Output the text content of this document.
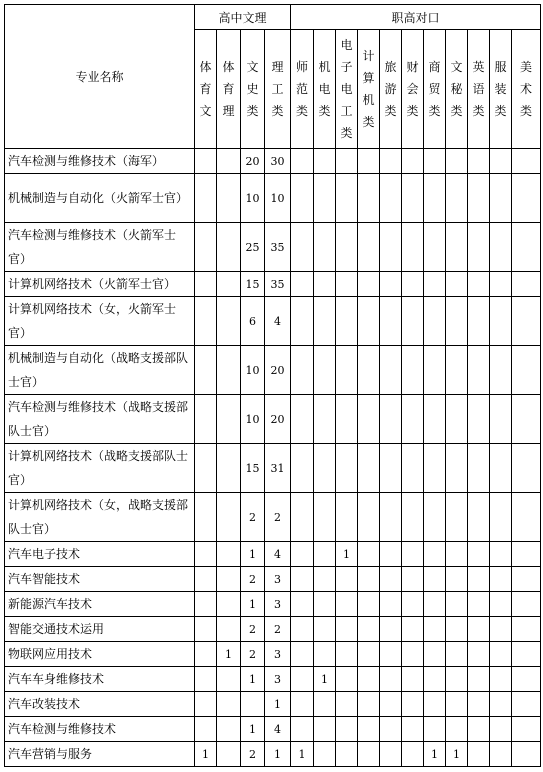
专业名称	高中文理				职高对口										
	体育文	体育理	文史类	理工类	师范类	机电类	电子电工类	计算机类	旅游类	财会类	商贸类	文秘类	英语类	服装类	美术类
汽车检测与维修技术（海军）			20	30											
机械制造与自动化（火箭军士官）			10	10											
汽车检测与维修技术（火箭军士官）			25	35											
计算机网络技术（火箭军士官）			15	35											
计算机网络技术（女，火箭军士官）			6	4											
机械制造与自动化（战略支援部队士官）			10	20											
汽车检测与维修技术（战略支援部队士官）			10	20											
计算机网络技术（战略支援部队士官）			15	31											
计算机网络技术（女，战略支援部队士官）			2	2											
汽车电子技术			1	4			1								
汽车智能技术			2	3											
新能源汽车技术			1	3											
智能交通技术运用			2	2											
物联网应用技术		1	2	3											
汽车车身维修技术			1	3		1									
汽车改装技术				1											
汽车检测与维修技术			1	4											
汽车营销与服务	1		2	1	1						1	1			
